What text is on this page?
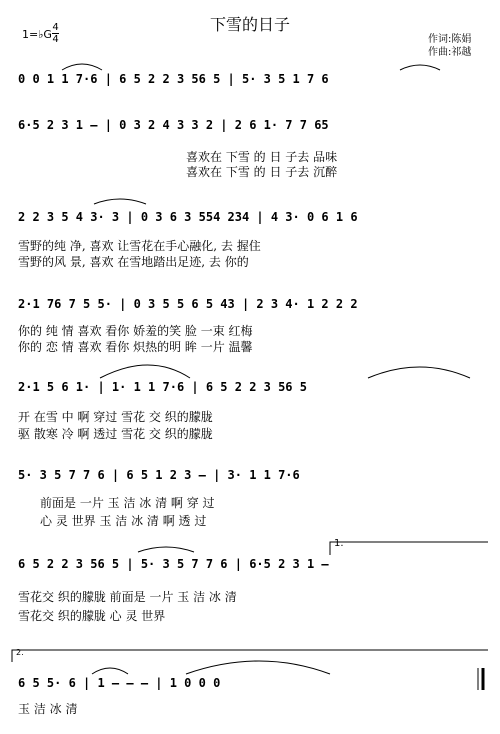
下雪的日子
1=♭G
4
4	作词:陈娟
作曲:祁越
0 0 1 1 7·6 | 6 5 2 2 3 56 5 | 5· 3 5 1 7 6
6·5 2 3 1 – | 0 3 2 4 3 3 2 | 2 6 1· 7 7 65
喜欢在 下雪 的 日 子去 品味
喜欢在 下雪 的 日 子去 沉醉
2 2 3 5 4 3· 3 | 0 3 6 3 554 234 | 4 3· 0 6 1 6
雪野的纯 净, 喜欢 让雪花在手心融化, 去 握住
雪野的风 景, 喜欢 在雪地踏出足迹, 去 你的
2·1 76 7 5 5· | 0 3 5 5 6 5 43 | 2 3 4· 1 2 2 2
你的 纯 情 喜欢 看你 娇羞的笑 脸 一束 红梅
你的 恋 情 喜欢 看你 炽热的明 眸 一片 温馨
2·1 5 6 1· | 1· 1 1 7·6 | 6 5 2 2 3 56 5
开 在雪 中 啊 穿过 雪花 交 织的朦胧
驱 散寒 冷 啊 透过 雪花 交 织的朦胧
5· 3 5 7 7 6 | 6 5 1 2 3 – | 3· 1 1 7·6
前面是 一片 玉 洁 冰 清 啊 穿 过
心 灵 世界 玉 洁 冰 清 啊 透 过
1.
6 5 2 2 3 56 5 | 5· 3 5 7 7 6 | 6·5 2 3 1 –
雪花交 织的朦胧 前面是 一片 玉 洁 冰 清
雪花交 织的朦胧 心 灵 世界
2.
6 5 5· 6 | 1 – – – | 1 0 0 0
玉 洁 冰 清
